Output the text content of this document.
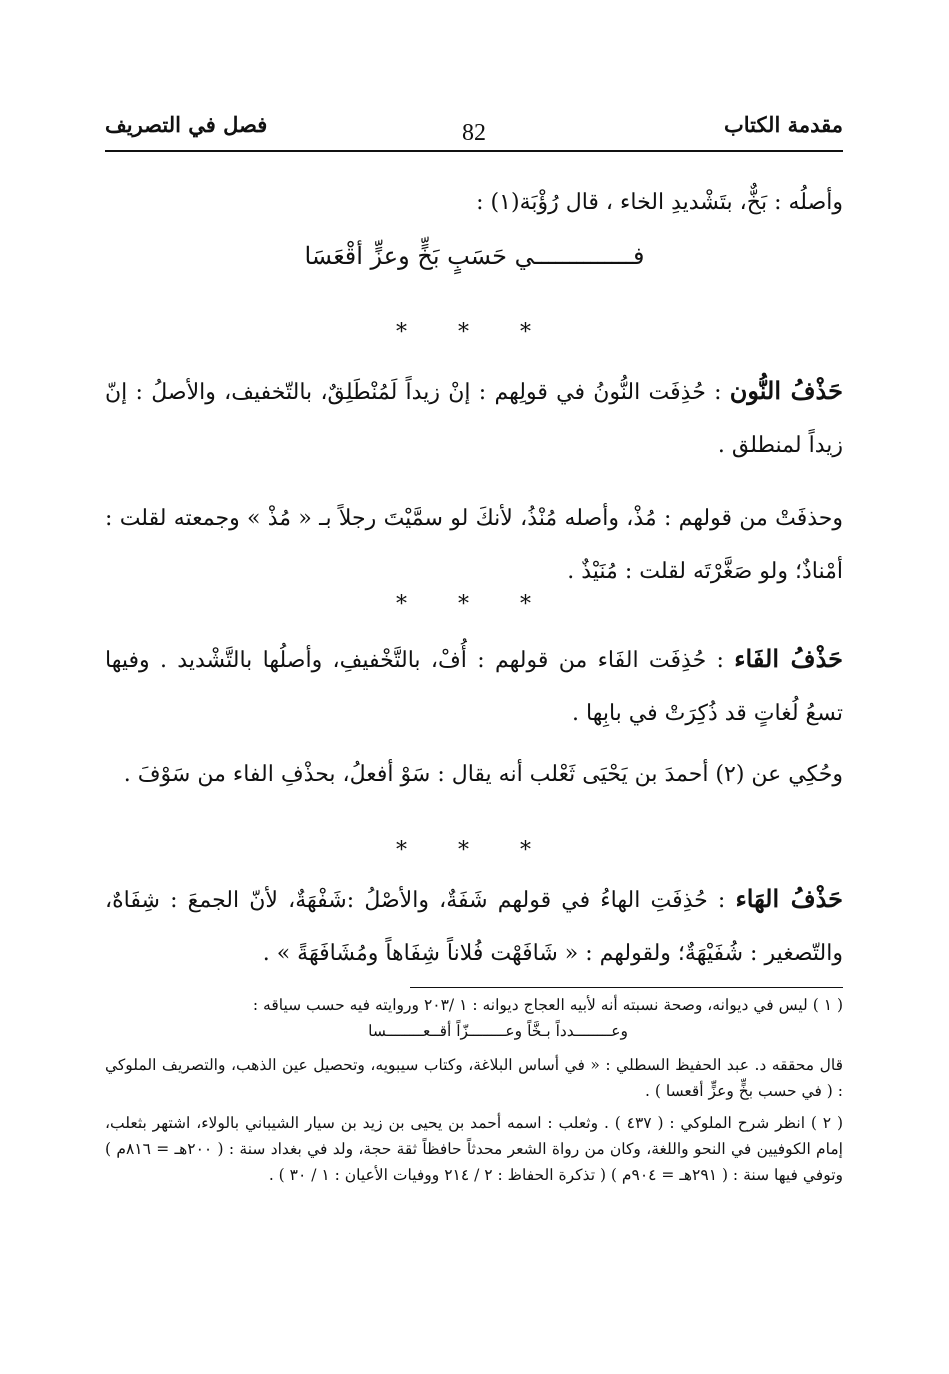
مقدمة الكتاب
82
فصل في التصريف
وأصلُه : بَخٌّ، بتَشْديدِ الخاء ، قال رُؤْبَة(١) :
فــــــــــــــي حَسَبٍ بَخٍّ وعزٍّ أقْعَسَا
* * *
حَذْفُ النُّون : حُذِفَت النُّونُ في قولِهم : إنْ زيداً لَمُنْطَلِقٌ، بالتّخفيف، والأصلُ : إنّ زيداً لمنطلق .
وحذفَتْ من قولهم : مُذْ، وأصله مُنْذُ، لأنكَ لو سمَّيْتَ رجلاً بـ « مُذْ » وجمعته لقلت : أمْناذٌ؛ ولو صَغَّرْتَه لقلت : مُنَيْذٌ .
* * *
حَذْفُ الفَاء : حُذِفَت الفَاء من قولهم : أُفْ، بالتَّخْفيفِ، وأصلُها بالتَّشْديد . وفيها تسعُ لُغاتٍ قد ذُكِرَتْ في بابِها .
وحُكِي عن (٢) أحمدَ بن يَحْيَى ثَعْلب أنه يقال : سَوْ أفعلُ، بحذْفِ الفاء من سَوْفَ .
* * *
حَذْفُ الهَاء : حُذِفَتِ الهاءُ في قولهم شَفَةٌ، والأصْلُ :شَفْهَةٌ، لأنّ الجمعَ : شِفَاهٌ، والتّصغير : شُفَيْهَةٌ؛ ولقولهم : « شَافَهْت فُلاناً شِفَاهاً ومُشَافَهَةً » .
( ١ ) ليس في ديوانه، وصحة نسبته أنه لأبيه العجاج ديوانه : ١ /٢٠٣ وروايته فيه حسب سياقه :
وعــــــــدداً بـخَّاً وعــــــــزّاً أقــعــــــــسا
قال محققه د. عبد الحفيظ السطلي : « في أساس البلاغة، وكتاب سيبويه، وتحصيل عين الذهب، والتصريف الملوكي : ( في حسب بخٍّ وعزٍّ أقعسا ) .
( ٢ ) انظر شرح الملوكي : ( ٤٣٧ ) . وثعلب : اسمه أحمد بن يحيى بن زيد بن سيار الشيباني بالولاء، اشتهر بثعلب، إمام الكوفيين في النحو واللغة، وكان من رواة الشعر محدثاً حافظاً ثقة حجة، ولد في بغداد سنة : ( ٢٠٠هـ = ٨١٦م ) وتوفي فيها سنة : ( ٢٩١هـ = ٩٠٤م ) ( تذكرة الحفاظ : ٢ / ٢١٤ ووفيات الأعيان : ١ / ٣٠ ) .
